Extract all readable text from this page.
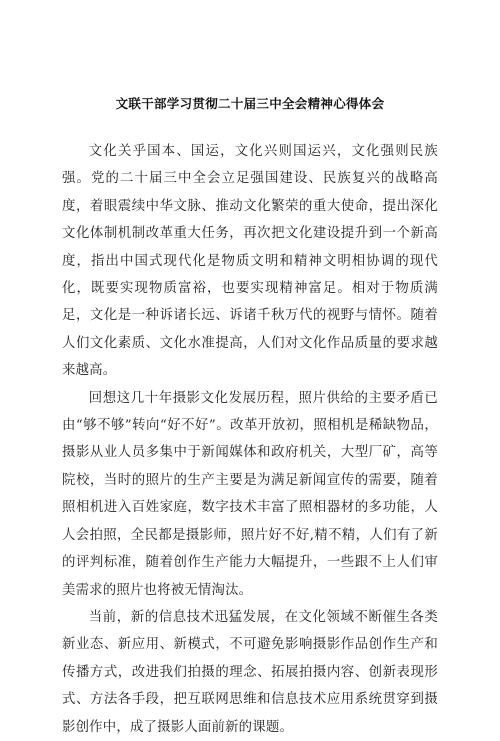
文联干部学习贯彻二十届三中全会精神心得体会

文化关乎国本、国运，文化兴则国运兴，文化强则民族强。党的二十届三中全会立足强国建设、民族复兴的战略高度，着眼震续中华文脉、推动文化繁荣的重大使命，提出深化文化体制机制改革重大任务，再次把文化建设提升到一个新高度，指出中国式现代化是物质文明和精神文明相协调的现代化，既要实现物质富裕，也要实现精神富足。相对于物质满足，文化是一种诉诸长远、诉诸千秋万代的视野与情怀。随着人们文化素质、文化水准提高，人们对文化作品质量的要求越来越高。

回想这几十年摄影文化发展历程，照片供给的主要矛盾已由“够不够”转向“好不好”。改革开放初，照相机是稀缺物品，摄影从业人员多集中于新闻媒体和政府机关，大型厂矿，高等院校，当时的照片的生产主要是为满足新闻宣传的需要，随着照相机进入百姓家庭，数字技术丰富了照相器材的多功能，人人会拍照，全民都是摄影师，照片好不好,精不精，人们有了新的评判标准，随着创作生产能力大幅提升，一些跟不上人们审美需求的照片也将被无情淘汰。

当前，新的信息技术迅猛发展，在文化领域不断催生各类新业态、新应用、新模式，不可避免影响摄影作品创作生产和传播方式，改进我们拍摄的理念、拓展拍摄内容、创新表现形式、方法各手段，把互联网思维和信息技术应用系统贯穿到摄影创作中，成了摄影人面前新的课题。
